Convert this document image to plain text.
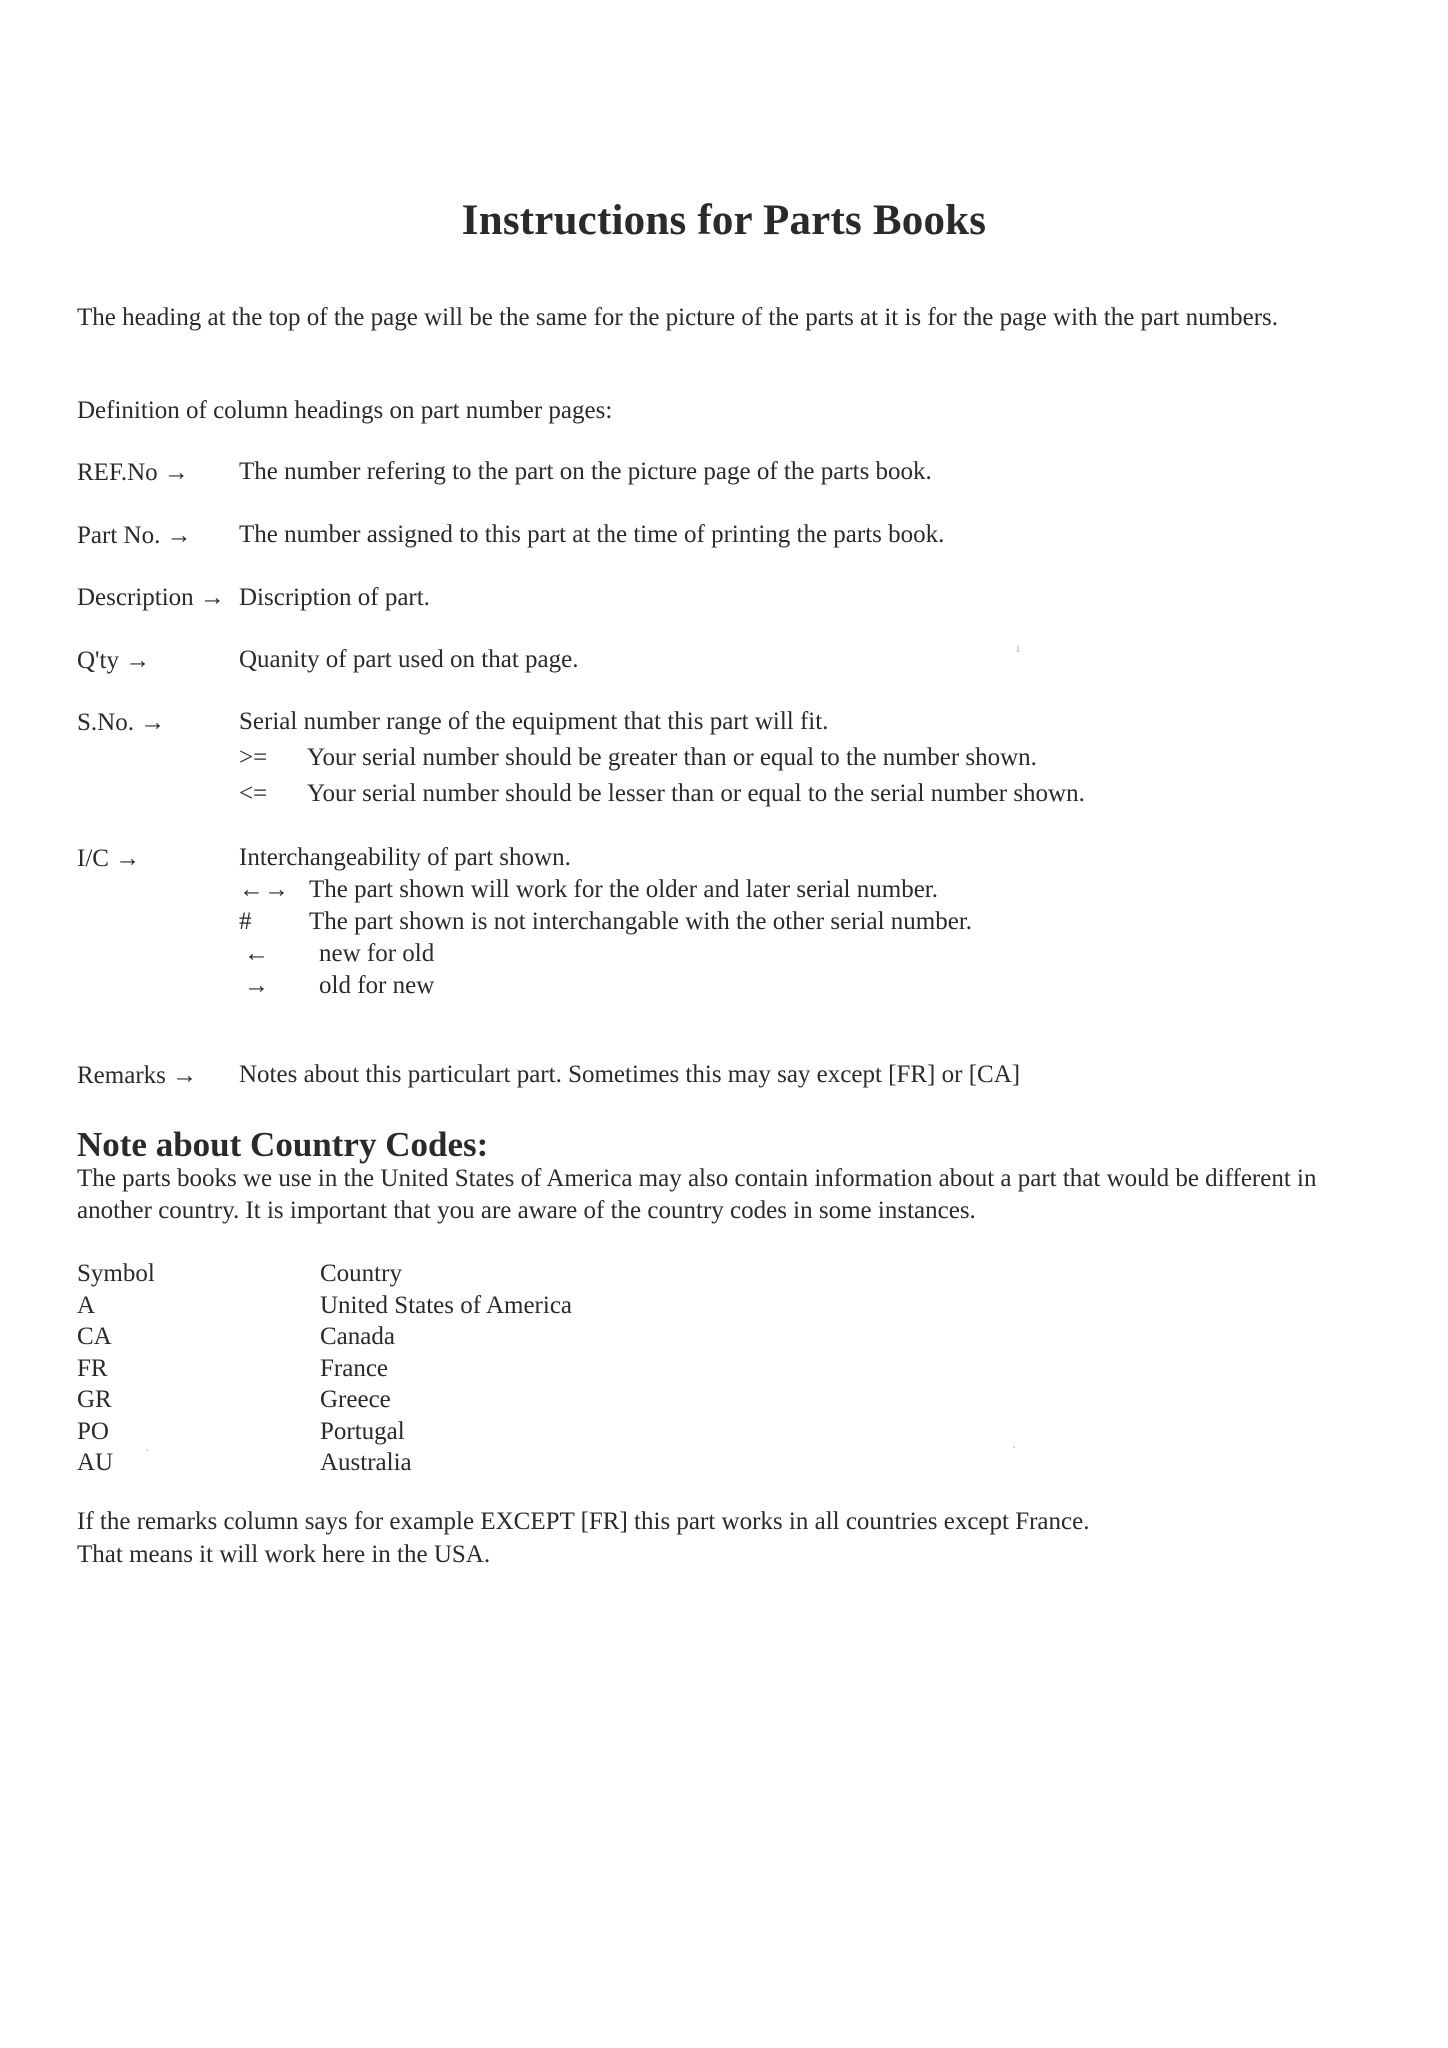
Instructions for Parts Books
The heading at the top of the page will be the same for the picture of the parts at it is for the page with the part numbers.
Definition of column headings on part number pages:
REF.No → The number refering to the part on the picture page of the parts book.
Part No. → The number assigned to this part at the time of printing the parts book.
Description → Discription of part.
Q'ty →	Quanity of part used on that page.
S.No. →	Serial number range of the equipment that this part will fit.
>= Your serial number should be greater than or equal to the number shown.
<= Your serial number should be lesser than or equal to the serial number shown.
I/C →	Interchangeability of part shown.
←→ The part shown will work for the older and later serial number.
# The part shown is not interchangable with the other serial number.
← new for old
→ old for new
Remarks → Notes about this particulart part. Sometimes this may say except [FR] or [CA]
Note about Country Codes:
The parts books we use in the United States of America may also contain information about a part that would be different in another country. It is important that you are aware of the country codes in some instances.
Symbol	Country
A	United States of America
CA	Canada
FR	France
GR	Greece
PO	Portugal
AU	Australia
If the remarks column says for example EXCEPT [FR] this part works in all countries except France.
That means it will work here in the USA.
ı
·	·
